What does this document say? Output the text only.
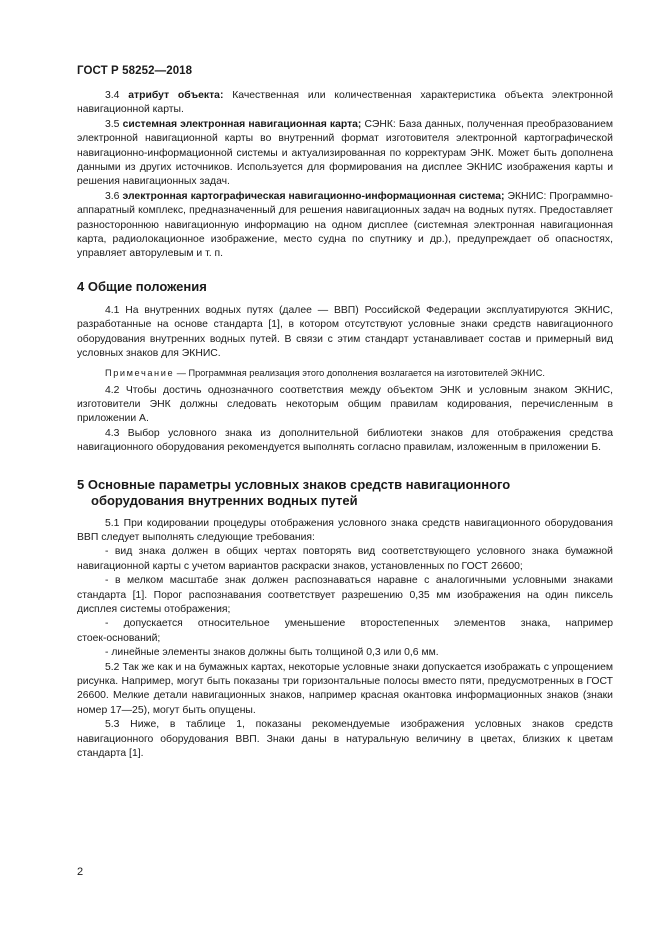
ГОСТ Р 58252—2018

3.4 атрибут объекта: Качественная или количественная характеристика объекта электронной навигационной карты.

3.5 системная электронная навигационная карта; СЭНК: База данных, полученная преобразованием электронной навигационной карты во внутренний формат изготовителя электронной картографической навигационно-информационной системы и актуализированная по корректурам ЭНК. Может быть дополнена данными из других источников. Используется для формирования на дисплее ЭКНИС изображения карты и решения навигационных задач.

3.6 электронная картографическая навигационно-информационная система; ЭКНИС: Программно-аппаратный комплекс, предназначенный для решения навигационных задач на водных путях. Предоставляет разностороннюю навигационную информацию на одном дисплее (системная электронная навигационная карта, радиолокационное изображение, место судна по спутнику и др.), предупреждает об опасностях, управляет авторулевым и т. п.

4 Общие положения

4.1 На внутренних водных путях (далее — ВВП) Российской Федерации эксплуатируются ЭКНИС, разработанные на основе стандарта [1], в котором отсутствуют условные знаки средств навигационного оборудования внутренних водных путей. В связи с этим стандарт устанавливает состав и примерный вид условных знаков для ЭКНИС.

Примечание — Программная реализация этого дополнения возлагается на изготовителей ЭКНИС.

4.2 Чтобы достичь однозначного соответствия между объектом ЭНК и условным знаком ЭКНИС, изготовители ЭНК должны следовать некоторым общим правилам кодирования, перечисленным в приложении А.

4.3 Выбор условного знака из дополнительной библиотеки знаков для отображения средства навигационного оборудования рекомендуется выполнять согласно правилам, изложенным в приложении Б.

5 Основные параметры условных знаков средств навигационного
оборудования внутренних водных путей

5.1 При кодировании процедуры отображения условного знака средств навигационного оборудования ВВП следует выполнять следующие требования:

- вид знака должен в общих чертах повторять вид соответствующего условного знака бумажной навигационной карты с учетом вариантов раскраски знаков, установленных по ГОСТ 26600;

- в мелком масштабе знак должен распознаваться наравне с аналогичными условными знаками стандарта [1]. Порог распознавания соответствует разрешению 0,35 мм изображения на один пиксель дисплея системы отображения;

- допускается относительное уменьшение второстепенных элементов знака, например

стоек-оснований;

- линейные элементы знаков должны быть толщиной 0,3 или 0,6 мм.

5.2 Так же как и на бумажных картах, некоторые условные знаки допускается изображать с упрощением рисунка. Например, могут быть показаны три горизонтальные полосы вместо пяти, предусмотренных в ГОСТ 26600. Мелкие детали навигационных знаков, например красная окантовка информационных знаков (знаки номер 17—25), могут быть опущены.

5.3 Ниже, в таблице 1, показаны рекомендуемые изображения условных знаков средств навигационного оборудования ВВП. Знаки даны в натуральную величину в цветах, близких к цветам стандарта [1].

2
